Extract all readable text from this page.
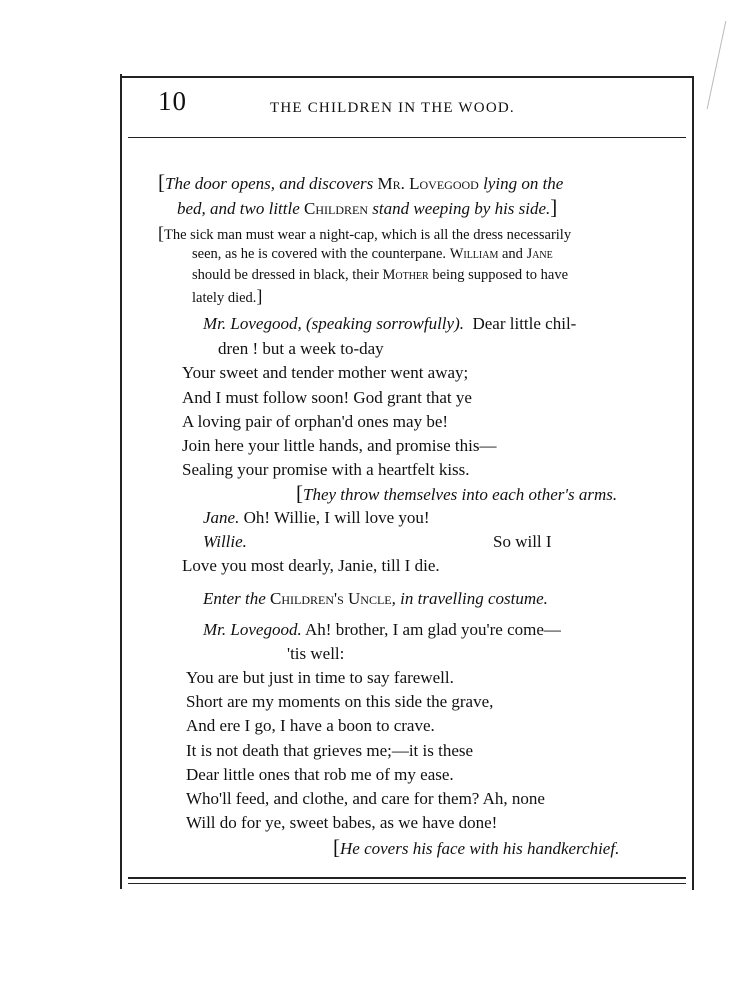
10	THE CHILDREN IN THE WOOD.
[The door opens, and discovers Mr. Lovegood lying on the
bed, and two little Children stand weeping by his side.]
[The sick man must wear a night-cap, which is all the dress necessarily
seen, as he is covered with the counterpane. William and Jane
should be dressed in black, their Mother being supposed to have
lately died.]
Mr. Lovegood, (speaking sorrowfully). Dear little chil-
dren ! but a week to-day
Your sweet and tender mother went away;
And I must follow soon! God grant that ye
A loving pair of orphan'd ones may be!
Join here your little hands, and promise this—
Sealing your promise with a heartfelt kiss.
[They throw themselves into each other's arms.
Jane. Oh! Willie, I will love you!
Willie.	So will I
Love you most dearly, Janie, till I die.
Enter the Children's Uncle, in travelling costume.
Mr. Lovegood. Ah! brother, I am glad you're come—
'tis well:
You are but just in time to say farewell.
Short are my moments on this side the grave,
And ere I go, I have a boon to crave.
It is not death that grieves me;—it is these
Dear little ones that rob me of my ease.
Who'll feed, and clothe, and care for them? Ah, none
Will do for ye, sweet babes, as we have done!
[He covers his face with his handkerchief.
